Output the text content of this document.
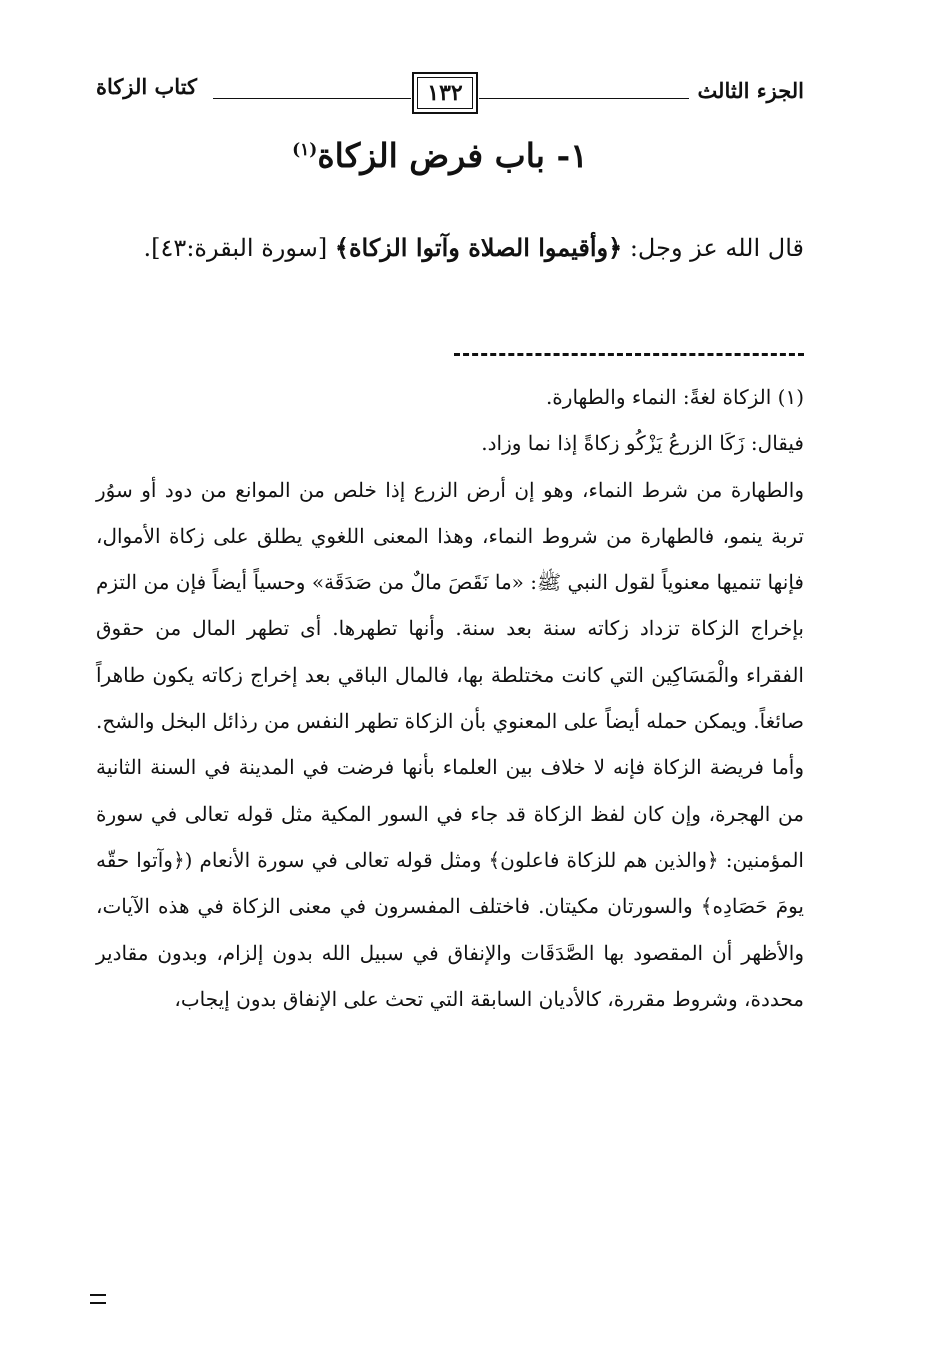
الجزء الثالث
١٣٢
كتاب الزكاة
١- باب فرض الزكاة$^{(١)}$
قال الله عز وجل: ﴿وأقيموا الصلاة وآتوا الزكاة﴾ [سورة البقرة:٤٣].

(١) الزكاة لغةً: النماء والطهارة.

فيقال: زَكَا الزرعُ يَزْكُو زكاةً إذا نما وزاد.

والطهارة من شرط النماء، وهو إن أرض الزرع إذا خلص من الموانع من دود أو سوُر تربة ينمو، فالطهارة من شروط النماء، وهذا المعنى اللغوي يطلق على زكاة الأموال، فإنها تنميها معنوياً لقول النبي ﷺ: «ما نَقَصَ مالٌ من صَدَقَة» وحسياً أيضاً فإن من التزم بإخراج الزكاة تزداد زكاته سنة بعد سنة. وأنها تطهرها. أى تطهر المال من حقوق الفقراء والْمَسَاكِين التي كانت مختلطة بها، فالمال الباقي بعد إخراج زكاته يكون طاهراً صائغاً. ويمكن حمله أيضاً على المعنوي بأن الزكاة تطهر النفس من رذائل البخل والشح.

وأما فريضة الزكاة فإنه لا خلاف بين العلماء بأنها فرضت في المدينة في السنة الثانية من الهجرة، وإن كان لفظ الزكاة قد جاء في السور المكية مثل قوله تعالى في سورة المؤمنين: ﴿والذين هم للزكاة فاعلون﴾ ومثل قوله تعالى في سورة الأنعام (﴿وآتوا حقّه يومَ حَصَادِه﴾ والسورتان مكيتان. فاختلف المفسرون في معنى الزكاة في هذه الآيات، والأظهر أن المقصود بها الصَّدَقَات والإنفاق في سبيل الله بدون إلزام، وبدون مقادير محددة، وشروط مقررة، كالأديان السابقة التي تحث على الإنفاق بدون إيجاب،
